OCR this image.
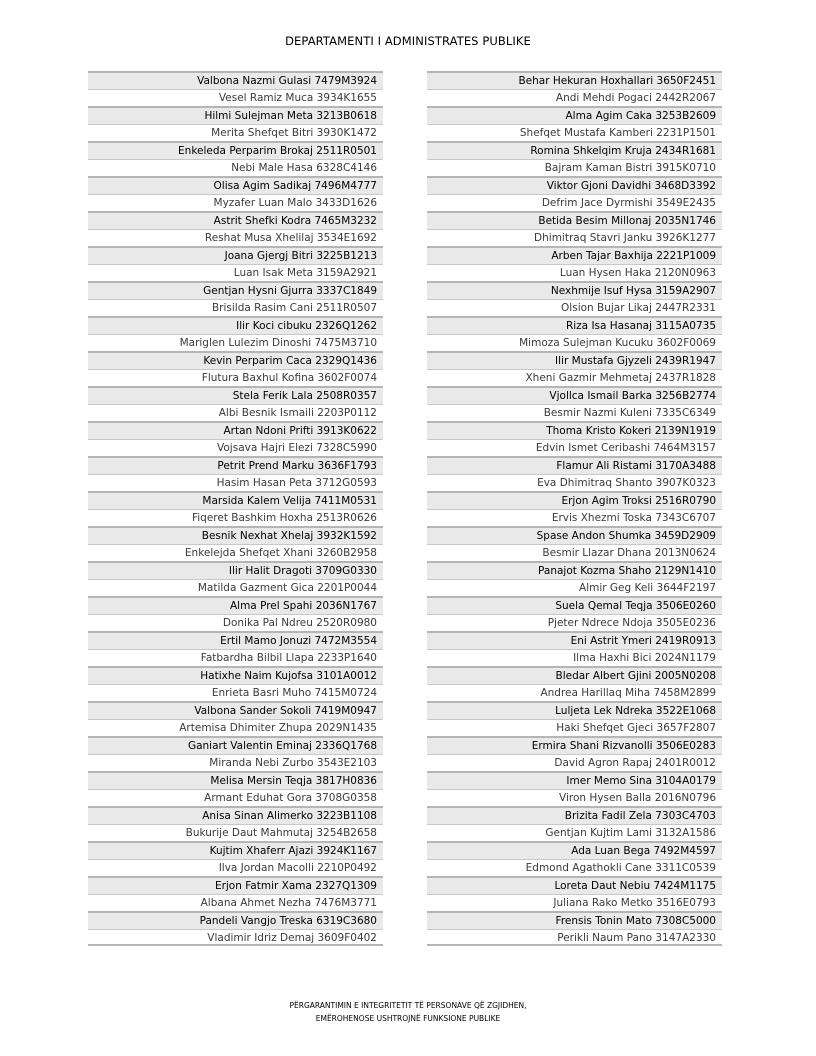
DEPARTAMENTI I ADMINISTRATES PUBLIKE
Valbona Nazmi Gulasi 7479M3924
Vesel Ramiz Muca 3934K1655
Hilmi Sulejman Meta 3213B0618
Merita Shefqet Bitri 3930K1472
Enkeleda Perparim Brokaj 2511R0501
Nebi Male Hasa 6328C4146
Olisa Agim Sadikaj 7496M4777
Myzafer Luan Malo 3433D1626
Astrit Shefki Kodra 7465M3232
Reshat Musa Xhelilaj 3534E1692
Joana Gjergj Bitri 3225B1213
Luan Isak Meta 3159A2921
Gentjan Hysni Gjurra 3337C1849
Brisilda Rasim Cani 2511R0507
Ilir Koci cibuku 2326Q1262
Mariglen Lulezim Dinoshi 7475M3710
Kevin Perparim Caca 2329Q1436
Flutura Baxhul Kofina 3602F0074
Stela Ferik Lala 2508R0357
Albi Besnik Ismaili 2203P0112
Artan Ndoni Prifti 3913K0622
Vojsava Hajri Elezi 7328C5990
Petrit Prend Marku 3636F1793
Hasim Hasan Peta 3712G0593
Marsida Kalem Velija 7411M0531
Fiqeret Bashkim Hoxha 2513R0626
Besnik Nexhat Xhelaj 3932K1592
Enkelejda Shefqet Xhani 3260B2958
Ilir Halit Dragoti 3709G0330
Matilda Gazment Gica 2201P0044
Alma Prel Spahi 2036N1767
Donika Pal Ndreu 2520R0980
Ertil Mamo Jonuzi 7472M3554
Fatbardha Bilbil Llapa 2233P1640
Hatixhe Naim Kujofsa 3101A0012
Enrieta Basri Muho 7415M0724
Valbona Sander Sokoli 7419M0947
Artemisa Dhimiter Zhupa 2029N1435
Ganiart Valentin Eminaj 2336Q1768
Miranda Nebi Zurbo 3543E2103
Melisa Mersin Teqja 3817H0836
Armant Eduhat Gora 3708G0358
Anisa Sinan Alimerko 3223B1108
Bukurije Daut Mahmutaj 3254B2658
Kujtim Xhaferr Ajazi 3924K1167
Ilva Jordan Macolli 2210P0492
Erjon Fatmir Xama 2327Q1309
Albana Ahmet Nezha 7476M3771
Pandeli Vangjo Treska 6319C3680
Vladimir Idriz Demaj 3609F0402
Behar Hekuran Hoxhallari 3650F2451
Andi Mehdi Pogaci 2442R2067
Alma Agim Caka 3253B2609
Shefqet Mustafa Kamberi 2231P1501
Romina Shkelqim Kruja 2434R1681
Bajram Kaman Bistri 3915K0710
Viktor Gjoni Davidhi 3468D3392
Defrim Jace Dyrmishi 3549E2435
Betida Besim Millonaj 2035N1746
Dhimitraq Stavri Janku 3926K1277
Arben Tajar Baxhija 2221P1009
Luan Hysen Haka 2120N0963
Nexhmije Isuf Hysa 3159A2907
Olsion Bujar Likaj 2447R2331
Riza Isa Hasanaj 3115A0735
Mimoza Sulejman Kucuku 3602F0069
Ilir Mustafa Gjyzeli 2439R1947
Xheni Gazmir Mehmetaj 2437R1828
Vjollca Ismail Barka 3256B2774
Besmir Nazmi Kuleni 7335C6349
Thoma Kristo Kokeri 2139N1919
Edvin Ismet Ceribashi 7464M3157
Flamur Ali Ristami 3170A3488
Eva Dhimitraq Shanto 3907K0323
Erjon Agim Troksi 2516R0790
Ervis Xhezmi Toska 7343C6707
Spase Andon Shumka 3459D2909
Besmir Llazar Dhana 2013N0624
Panajot Kozma Shaho 2129N1410
Almir Geg Keli 3644F2197
Suela Qemal Teqja 3506E0260
Pjeter Ndrece Ndoja 3505E0236
Eni Astrit Ymeri 2419R0913
Ilma Haxhi Bici 2024N1179
Bledar Albert Gjini 2005N0208
Andrea Harillaq Miha 7458M2899
Luljeta Lek Ndreka 3522E1068
Haki Shefqet Gjeci 3657F2807
Ermira Shani Rizvanolli 3506E0283
David Agron Rapaj 2401R0012
Imer Memo Sina 3104A0179
Viron Hysen Balla 2016N0796
Brizita Fadil Zela 7303C4703
Gentjan Kujtim Lami 3132A1586
Ada Luan Bega 7492M4597
Edmond Agathokli Cane 3311C0539
Loreta Daut Nebiu 7424M1175
Juliana Rako Metko 3516E0793
Frensis Tonin Mato 7308C5000
Perikli Naum Pano 3147A2330
PËRGARANTIMIN E INTEGRITETIT TË PERSONAVE QË ZGJIDHEN,
EMËROHENOSE USHTROJNË FUNKSIONE PUBLIKE
